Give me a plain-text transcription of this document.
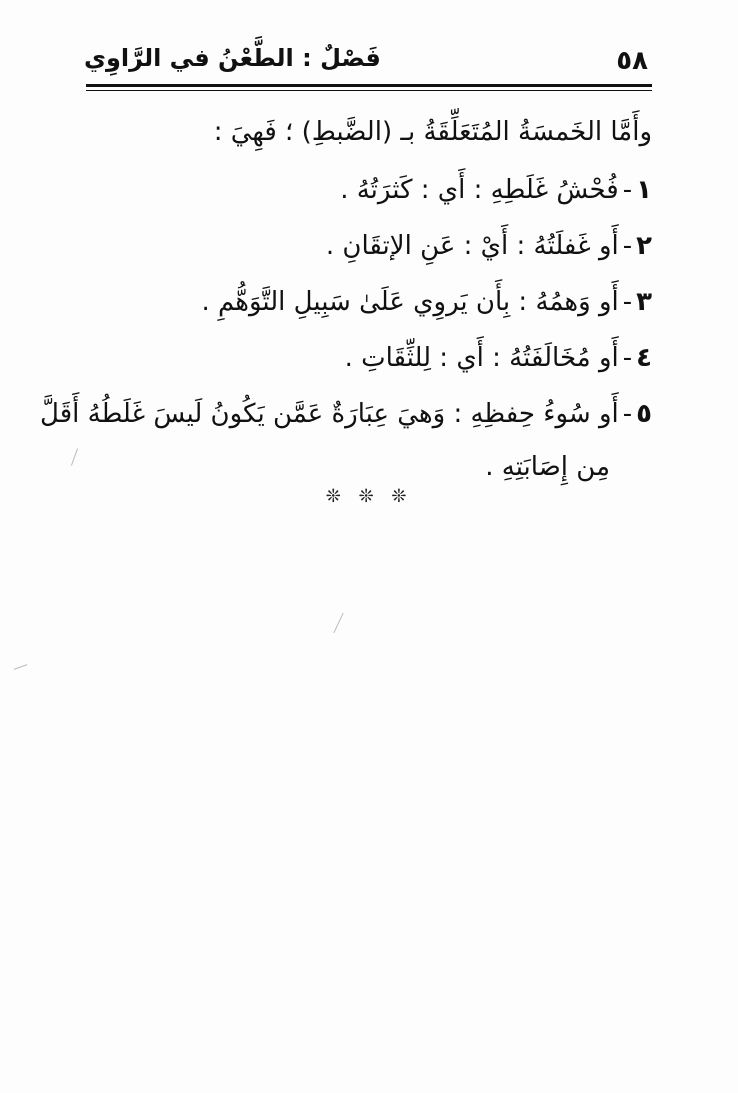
فَصْلٌ : الطَّعْنُ في الرَّاوِي	٥٨
وأَمَّا الخَمسَةُ المُتَعَلِّقَةُ بـ (الضَّبطِ) ؛ فَهِيَ :
١-فُحْشُ غَلَطِهِ : أَي : كَثرَتُهُ .
٢-أَو غَفلَتُهُ : أَيْ : عَنِ الإتقَانِ .
٣-أَو وَهمُهُ : بِأَن يَروِي عَلَىٰ سَبِيلِ التَّوَهُّمِ .
٤-أَو مُخَالَفَتُهُ : أَي : لِلثِّقَاتِ .
٥-أَو سُوءُ حِفظِهِ : وَهيَ عِبَارَةٌ عَمَّن يَكُونُ لَيسَ غَلَطُهُ أَقَلَّ
مِن إِصَابَتِهِ .
❊ ❊ ❊
